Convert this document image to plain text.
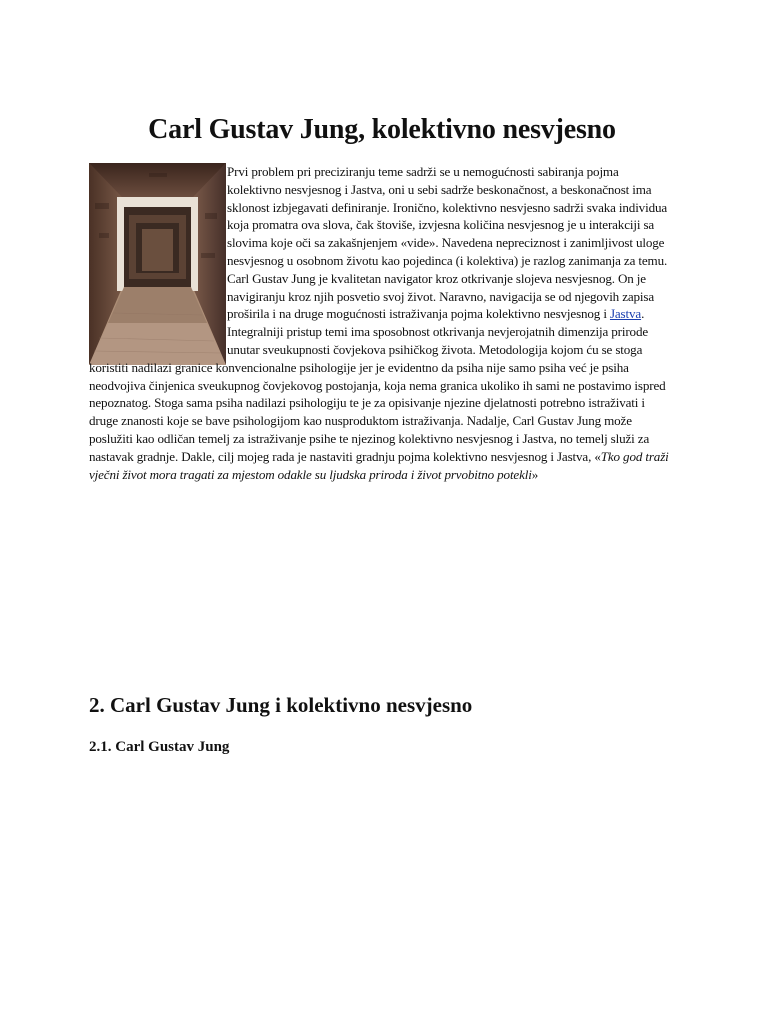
Carl Gustav Jung, kolektivno nesvjesno

Prvi problem pri preciziranju teme sadrži se u nemogućnosti sabiranja pojma kolektivno nesvjesnog i Jastva, oni u sebi sadrže beskonačnost, a beskonačnost ima sklonost izbjegavati definiranje. Ironično, kolektivno nesvjesno sadrži svaka individua koja promatra ova slova, čak štoviše, izvjesna količina nesvjesnog je u interakciji sa slovima koje oči sa zakašnjenjem «vide». Navedena nepreciznost i zanimljivost uloge nesvjesnog u osobnom životu kao pojedinca (i kolektiva) je razlog zanimanja za temu. Carl Gustav Jung je kvalitetan navigator kroz otkrivanje slojeva nesvjesnog. On je navigiranju kroz njih posvetio svoj život. Naravno, navigacija se od njegovih zapisa proširila i na druge mogućnosti istraživanja pojma kolektivno nesvjesnog i Jastva. Integralniji pristup temi ima sposobnost otkrivanja nevjerojatnih dimenzija prirode unutar sveukupnosti čovjekova psihičkog života. Metodologija kojom ću se stoga koristiti nadilazi granice konvencionalne psihologije jer je evidentno da psiha nije samo psiha već je psiha neodvojiva činjenica sveukupnog čovjekovog postojanja, koja nema granica ukoliko ih sami ne postavimo ispred nepoznatog. Stoga sama psiha nadilazi psihologiju te je za opisivanje njezine djelatnosti potrebno istraživati i druge znanosti koje se bave psihologijom kao nusproduktom istraživanja. Nadalje, Carl Gustav Jung može poslužiti kao odličan temelj za istraživanje psihe te njezinog kolektivno nesvjesnog i Jastva, no temelj služi za nastavak gradnje. Dakle, cilj mojeg rada je nastaviti gradnju pojma kolektivno nesvjesnog i Jastva, «Tko god traži vječni život mora tragati za mjestom odakle su ljudska priroda i život prvobitno potekli»

2. Carl Gustav Jung i kolektivno nesvjesno
2.1. Carl Gustav Jung
